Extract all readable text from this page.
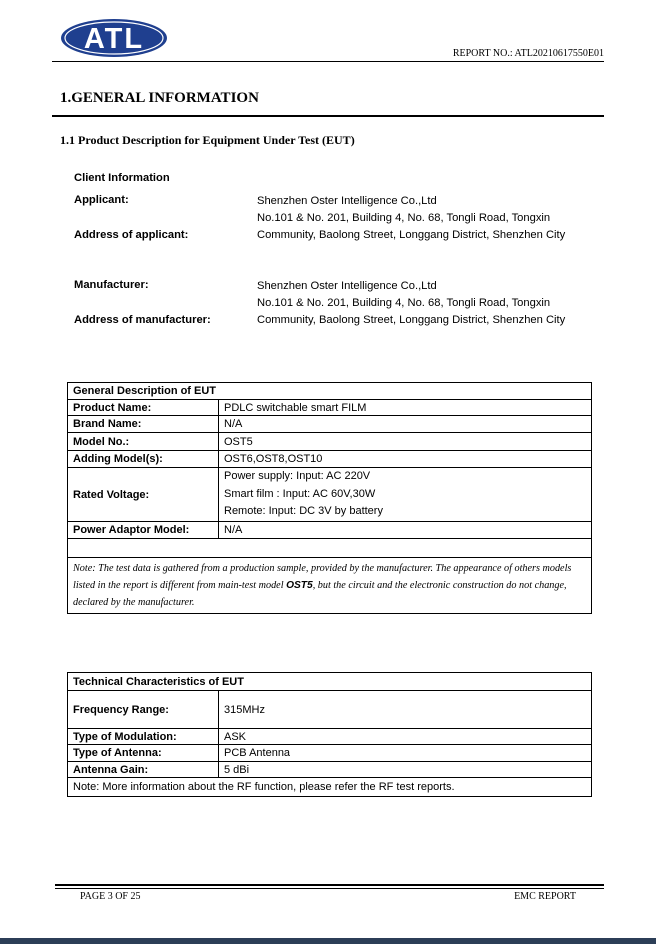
ATL	REPORT NO.: ATL20210617550E01
1.GENERAL INFORMATION
1.1 Product Description for Equipment Under Test (EUT)
Client Information
Applicant:	Shenzhen Oster Intelligence Co.,Ltd
Address of applicant:
No.101 & No. 201, Building 4, No. 68, Tongli Road, Tongxin Community, Baolong Street, Longgang District, Shenzhen City
Manufacturer:	Shenzhen Oster Intelligence Co.,Ltd
Address of manufacturer:
No.101 & No. 201, Building 4, No. 68, Tongli Road, Tongxin Community, Baolong Street, Longgang District, Shenzhen City
General Description of EUT	
Product Name:	PDLC switchable smart FILM
Brand Name:	N/A
Model No.:	OST5
Adding Model(s):	OST6,OST8,OST10
Rated Voltage:	Power supply: Input: AC 220V
Smart film : Input: AC 60V,30W
Remote: Input: DC 3V by battery

Power Adaptor Model:	N/A

Note: The test data is gathered from a production sample, provided by the manufacturer. The appearance of others models listed in the report is different from main-test model OST5, but the circuit and the electronic construction do not change, declared by the manufacturer.	
Technical Characteristics of EUT	
Frequency Range:	315MHz
Type of Modulation:	ASK
Type of Antenna:	PCB Antenna
Antenna Gain:	5 dBi
Note: More information about the RF function, please refer the RF test reports.	
PAGE 3 OF 25	EMC REPORT
